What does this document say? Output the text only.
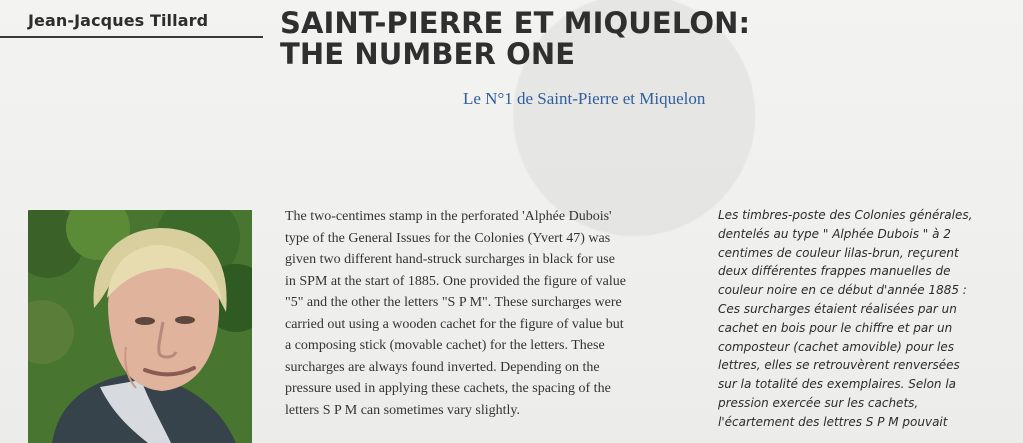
Jean-Jacques Tillard SAINT-PIERRE ET MIQUELON:
THE NUMBER ONE
Le N°1 de Saint-Pierre et Miquelon

The two-centimes stamp in the perforated 'Alphée Dubois'
type of the General Issues for the Colonies (Yvert 47) was
given two different hand-struck surcharges in black for use
in SPM at the start of 1885. One provided the figure of value
"5" and the other the letters "S P M". These surcharges were
carried out using a wooden cachet for the figure of value but
a composing stick (movable cachet) for the letters. These
surcharges are always found inverted. Depending on the
pressure used in applying these cachets, the spacing of the
letters S P M can sometimes vary slightly.

Les timbres-poste des Colonies générales,
dentelés au type " Alphée Dubois " à 2
centimes de couleur lilas-brun, reçurent
deux différentes frappes manuelles de
couleur noire en ce début d'année 1885 :
Ces surcharges étaient réalisées par un
cachet en bois pour le chiffre et par un
composteur (cachet amovible) pour les
lettres, elles se retrouvèrent renversées
sur la totalité des exemplaires. Selon la
pression exercée sur les cachets,
l'écartement des lettres S P M pouvait
